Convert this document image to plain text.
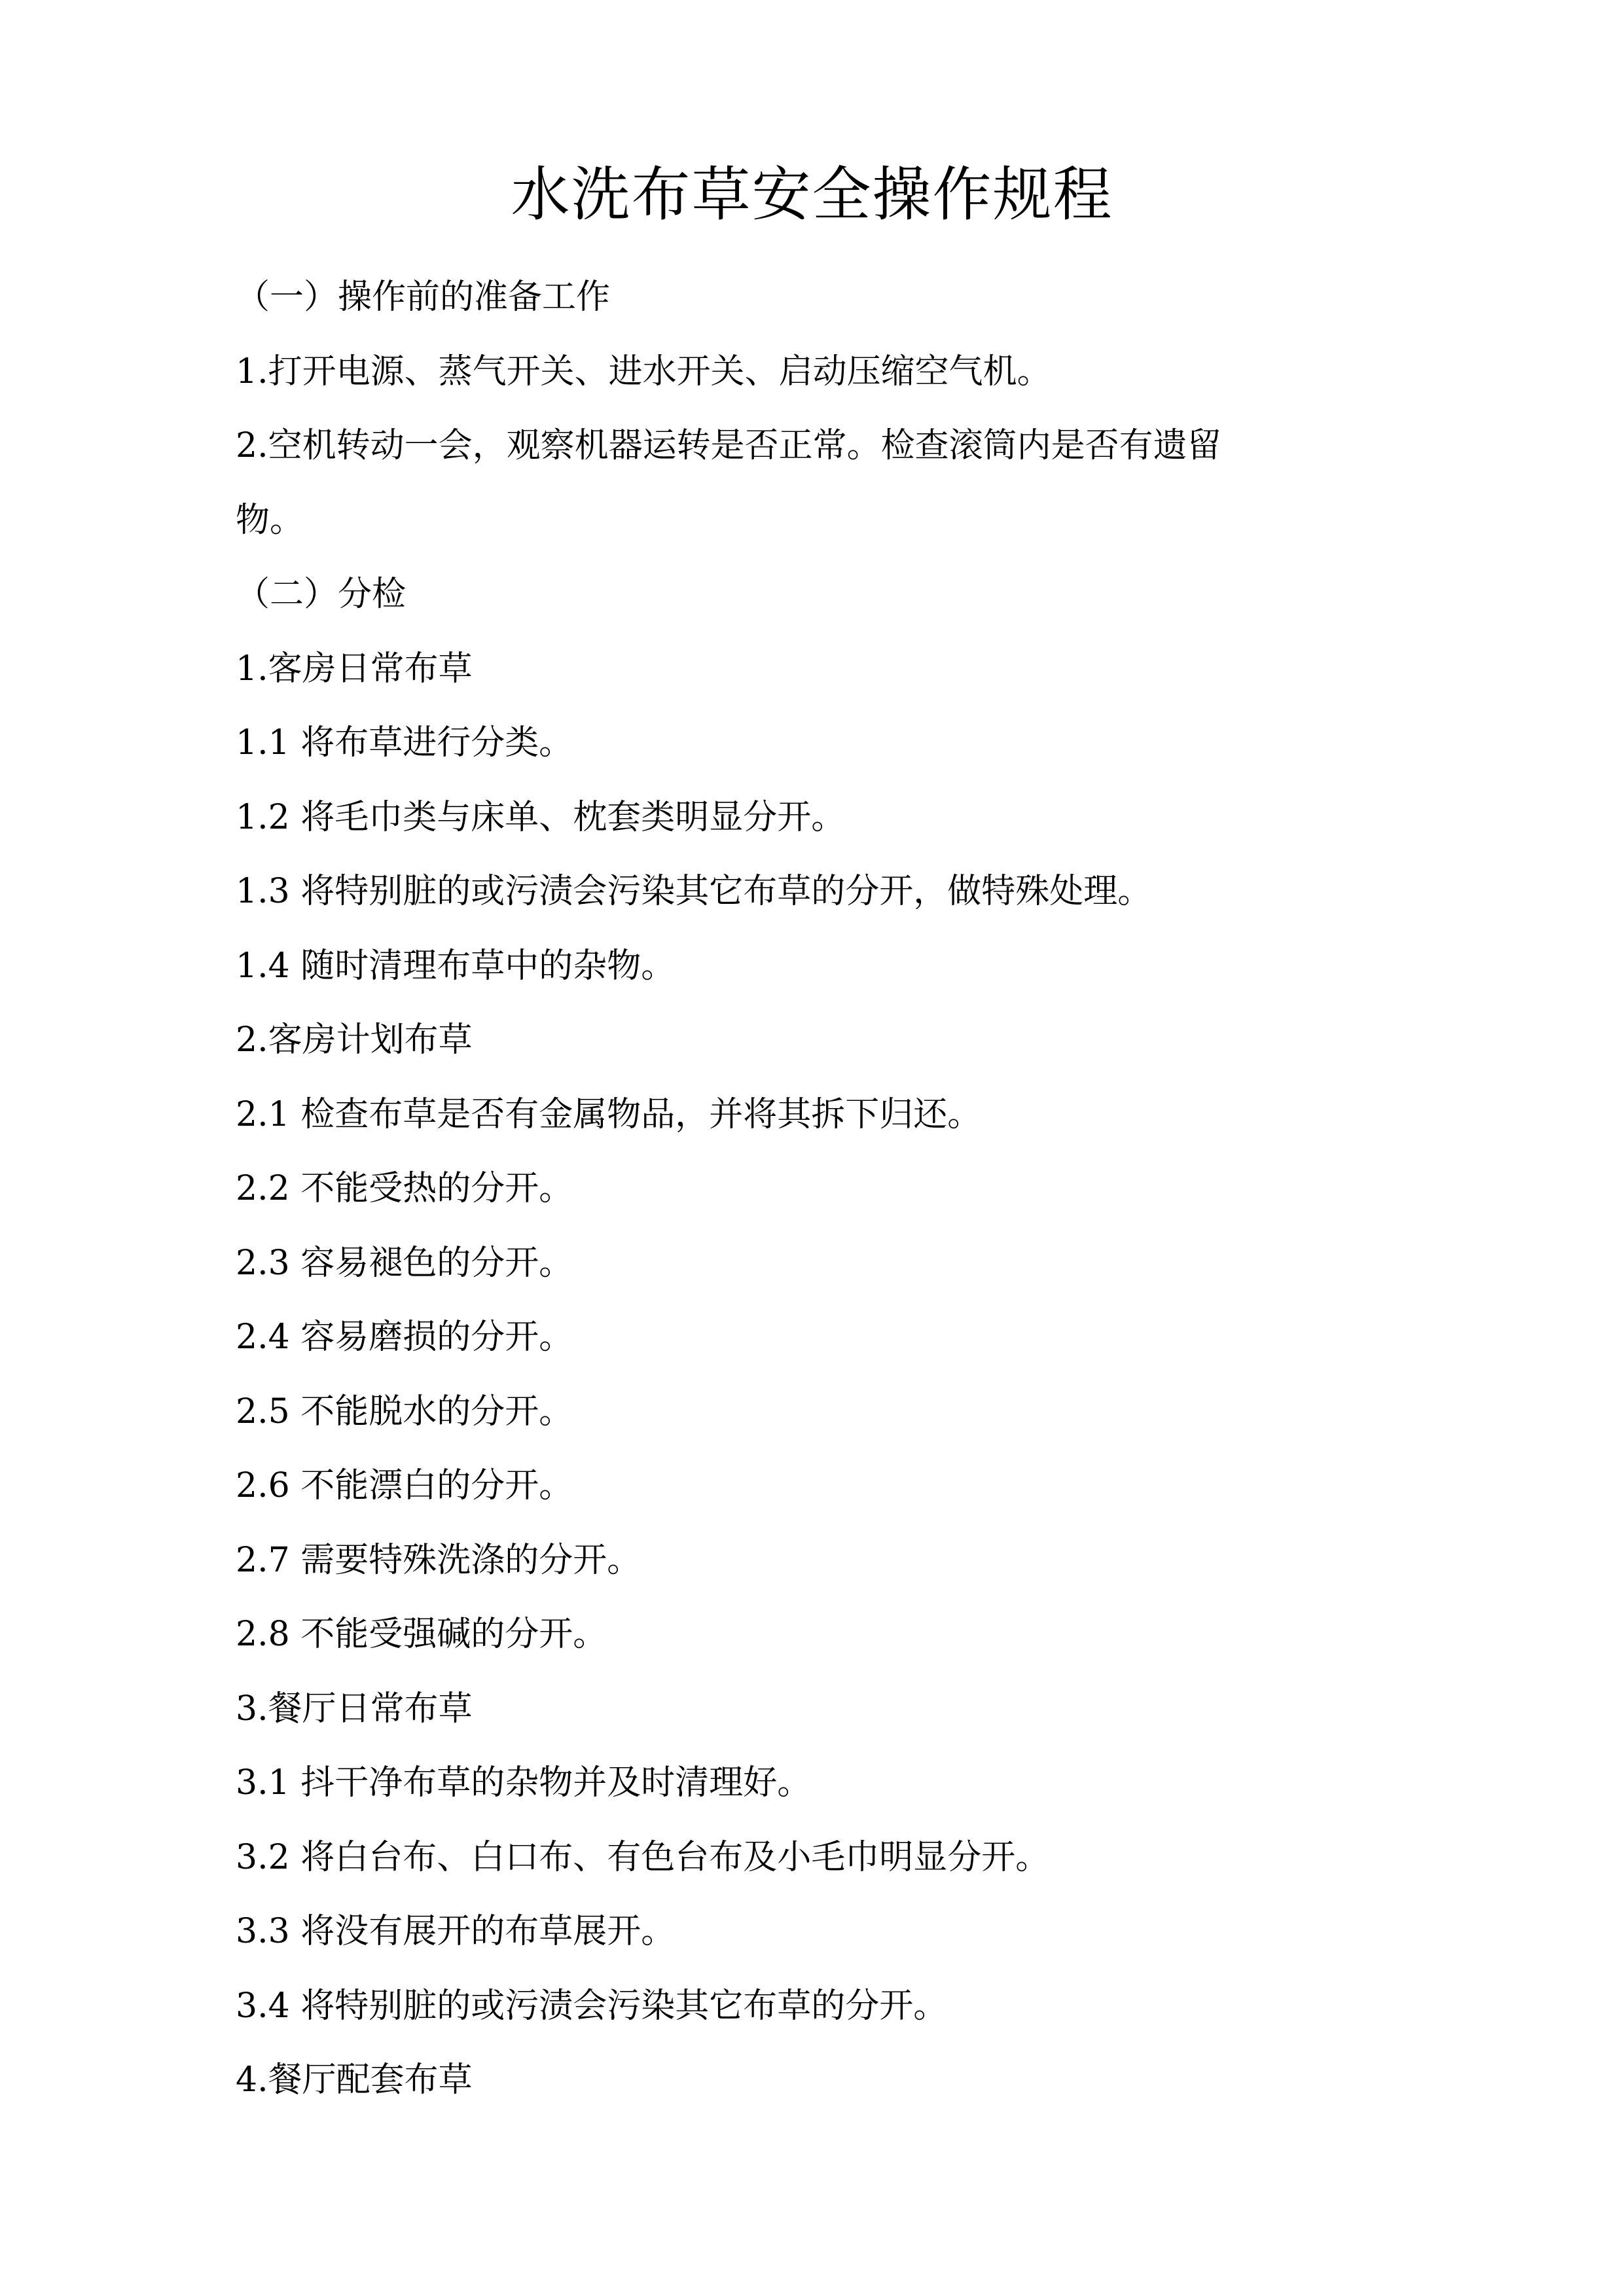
水洗布草安全操作规程
（一）操作前的准备工作
1.打开电源、蒸气开关、进水开关、启动压缩空气机。
2.空机转动一会，观察机器运转是否正常。检查滚筒内是否有遗留
物。
（二）分检
1.客房日常布草
1.1 将布草进行分类。
1.2 将毛巾类与床单、枕套类明显分开。
1.3 将特别脏的或污渍会污染其它布草的分开，做特殊处理。
1.4 随时清理布草中的杂物。
2.客房计划布草
2.1 检查布草是否有金属物品，并将其拆下归还。
2.2 不能受热的分开。
2.3 容易褪色的分开。
2.4 容易磨损的分开。
2.5 不能脱水的分开。
2.6 不能漂白的分开。
2.7 需要特殊洗涤的分开。
2.8 不能受强碱的分开。
3.餐厅日常布草
3.1 抖干净布草的杂物并及时清理好。
3.2 将白台布、白口布、有色台布及小毛巾明显分开。
3.3 将没有展开的布草展开。
3.4 将特别脏的或污渍会污染其它布草的分开。
4.餐厅配套布草
